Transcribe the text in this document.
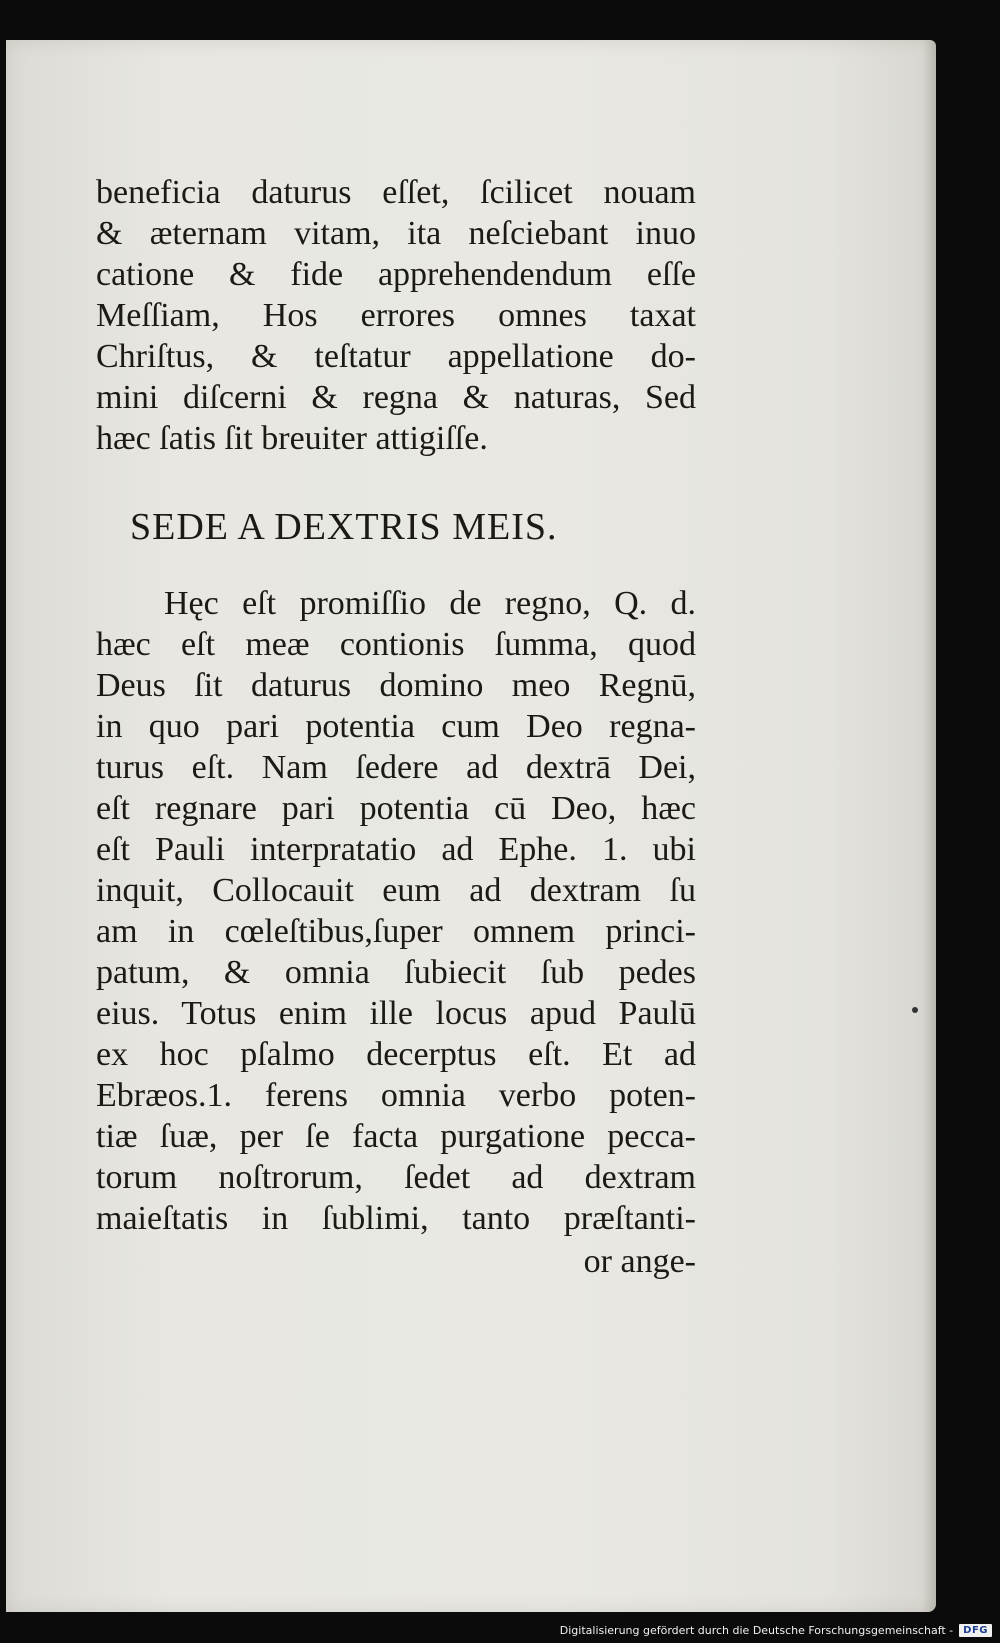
beneficia daturus eſſet, ſcilicet nouam
& æternam vitam, ita neſciebant inuo
catione & fide apprehendendum eſſe
Meſſiam, Hos errores omnes taxat
Chriſtus, & teſtatur appellatione do-
mini diſcerni & regna & naturas, Sed
hæc ſatis ſit breuiter attigiſſe.
SEDE A DEXTRIS MEIS.
Hęc eſt promiſſio de regno, Q. d.
hæc eſt meæ contionis ſumma, quod
Deus ſit daturus domino meo Regnū,
in quo pari potentia cum Deo regna-
turus eſt. Nam ſedere ad dextrā Dei,
eſt regnare pari potentia cū Deo, hæc
eſt Pauli interpratatio ad Ephe. 1. ubi
inquit, Collocauit eum ad dextram ſu
am in cœleſtibus,ſuper omnem princi-
patum, & omnia ſubiecit ſub pedes
eius. Totus enim ille locus apud Paulū
ex hoc pſalmo decerptus eſt. Et ad
Ebræos.1. ferens omnia verbo poten-
tiæ ſuæ, per ſe facta purgatione pecca-
torum noſtrorum, ſedet ad dextram
maieſtatis in ſublimi, tanto præſtanti-
or ange-
Digitalisierung gefördert durch die Deutsche Forschungsgemeinschaft -	DFG
